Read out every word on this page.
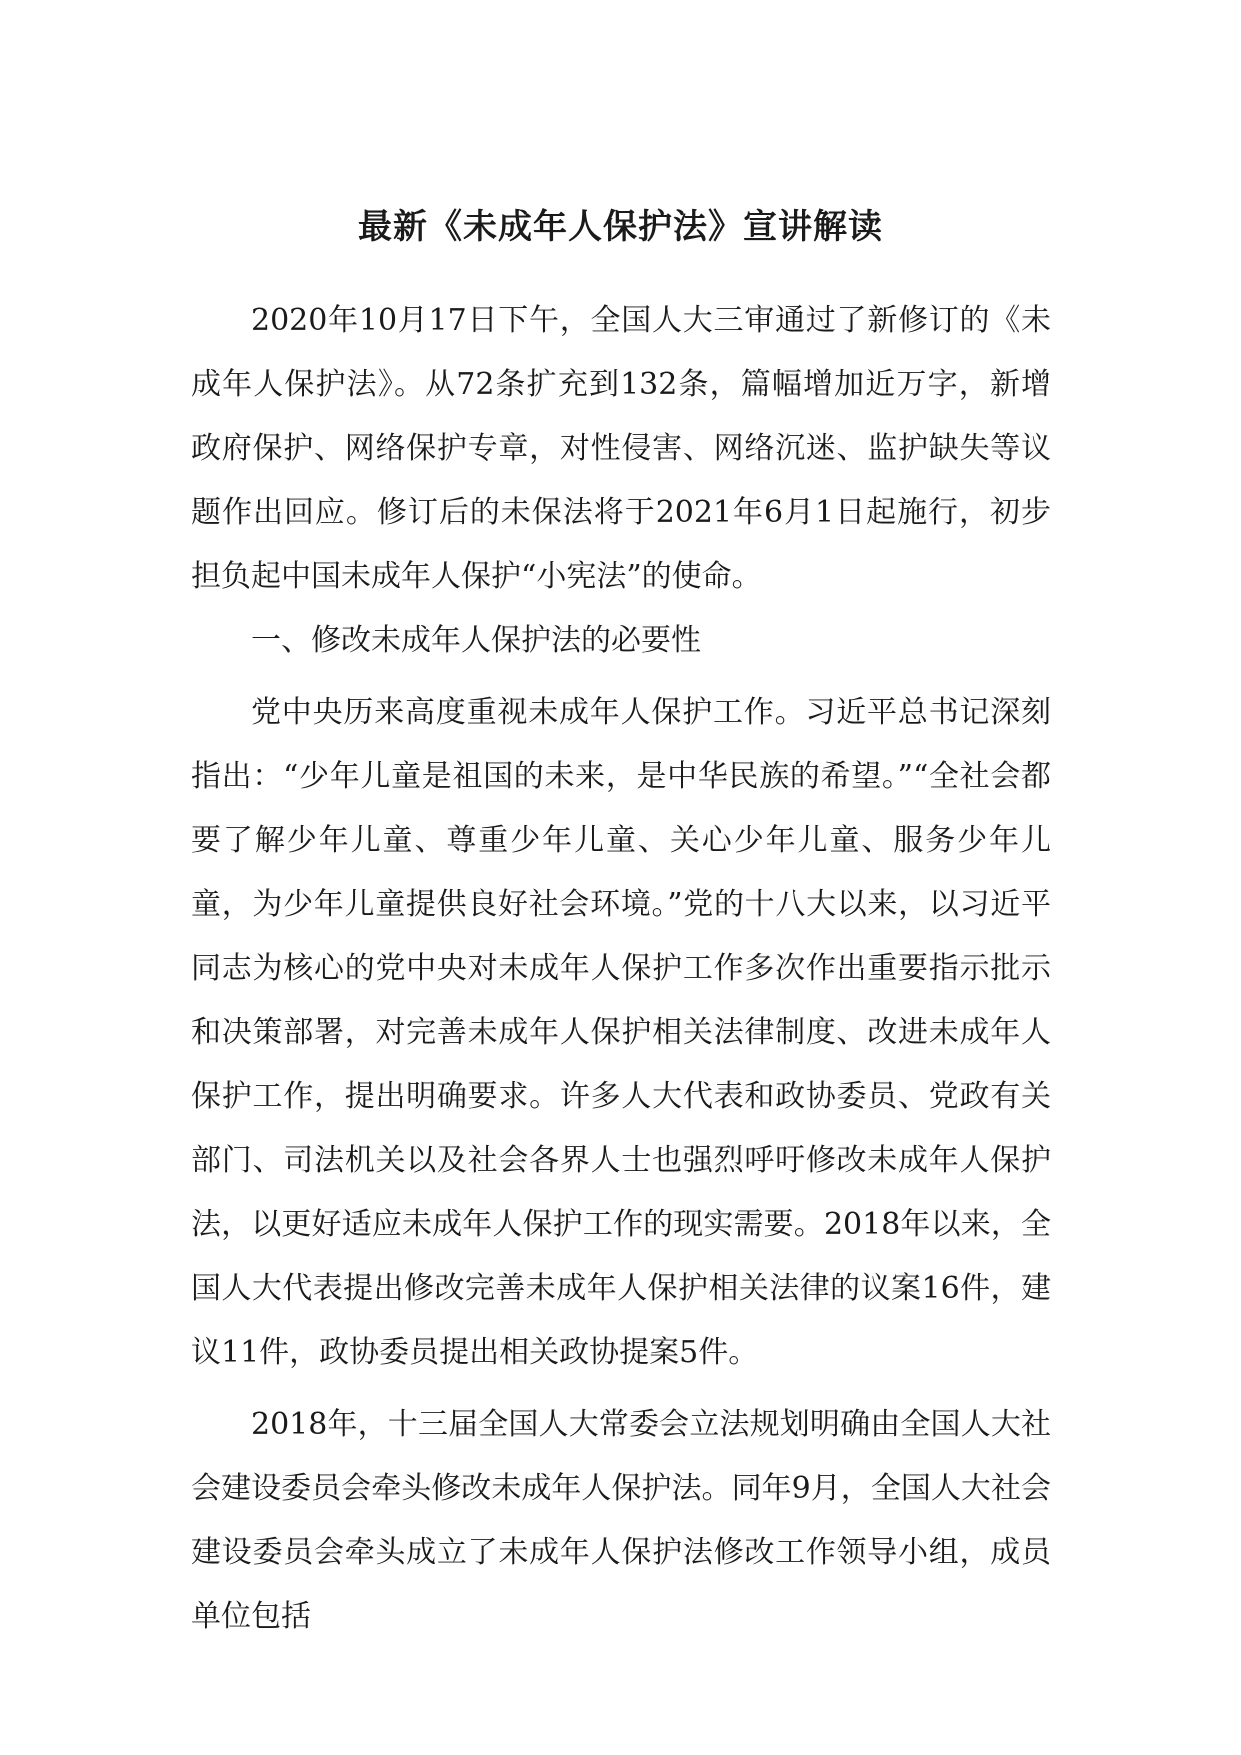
最新《未成年人保护法》宣讲解读

2020年10月17日下午，全国人大三审通过了新修订的《未成年人保护法》。从72条扩充到132条，篇幅增加近万字，新增政府保护、网络保护专章，对性侵害、网络沉迷、监护缺失等议题作出回应。修订后的未保法将于2021年6月1日起施行，初步担负起中国未成年人保护“小宪法”的使命。

一、修改未成年人保护法的必要性

党中央历来高度重视未成年人保护工作。习近平总书记深刻指出：“少年儿童是祖国的未来，是中华民族的希望。”“全社会都要了解少年儿童、尊重少年儿童、关心少年儿童、服务少年儿童，为少年儿童提供良好社会环境。”党的十八大以来，以习近平同志为核心的党中央对未成年人保护工作多次作出重要指示批示和决策部署，对完善未成年人保护相关法律制度、改进未成年人保护工作，提出明确要求。许多人大代表和政协委员、党政有关部门、司法机关以及社会各界人士也强烈呼吁修改未成年人保护法，以更好适应未成年人保护工作的现实需要。2018年以来，全国人大代表提出修改完善未成年人保护相关法律的议案16件，建议11件，政协委员提出相关政协提案5件。

2018年，十三届全国人大常委会立法规划明确由全国人大社会建设委员会牵头修改未成年人保护法。同年9月，全国人大社会建设委员会牵头成立了未成年人保护法修改工作领导小组，成员单位包括
